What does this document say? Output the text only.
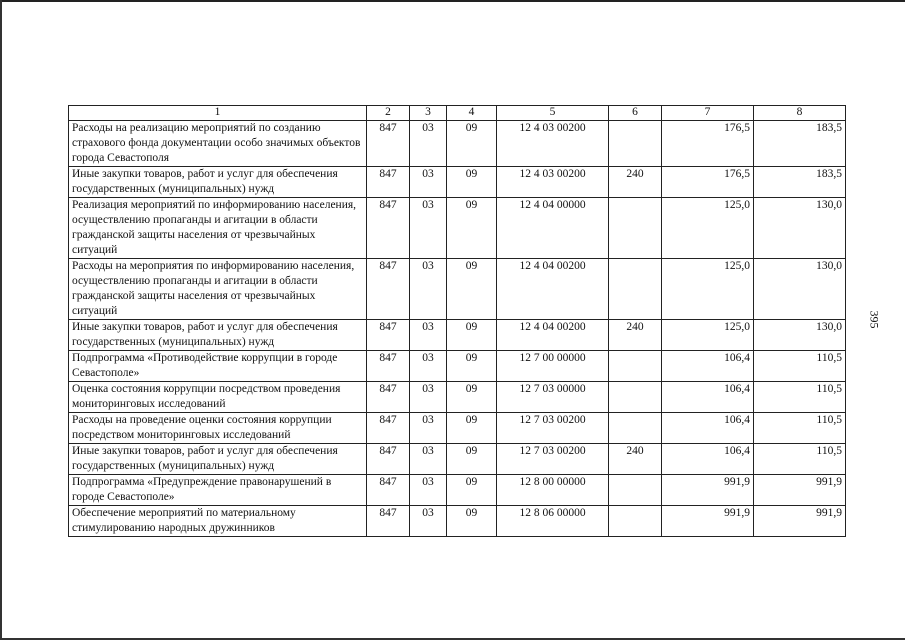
395
1	2	3	4	5	6	7	8
Расходы на реализацию мероприятий по созданию страхового фонда документации особо значимых объектов города Севастополя	847	03	09	12 4 03 00200		176,5	183,5
Иные закупки товаров, работ и услуг для обеспечения государственных (муниципальных) нужд	847	03	09	12 4 03 00200	240	176,5	183,5
Реализация мероприятий по информированию населения, осуществлению пропаганды и агитации в области гражданской защиты населения от чрезвычайных ситуаций	847	03	09	12 4 04 00000		125,0	130,0
Расходы на мероприятия по информированию населения, осуществлению пропаганды и агитации в области гражданской защиты населения от чрезвычайных ситуаций	847	03	09	12 4 04 00200		125,0	130,0
Иные закупки товаров, работ и услуг для обеспечения государственных (муниципальных) нужд	847	03	09	12 4 04 00200	240	125,0	130,0
Подпрограмма «Противодействие коррупции в городе Севастополе»	847	03	09	12 7 00 00000		106,4	110,5
Оценка состояния коррупции посредством проведения мониторинговых исследований	847	03	09	12 7 03 00000		106,4	110,5
Расходы на проведение оценки состояния коррупции посредством мониторинговых исследований	847	03	09	12 7 03 00200		106,4	110,5
Иные закупки товаров, работ и услуг для обеспечения государственных (муниципальных) нужд	847	03	09	12 7 03 00200	240	106,4	110,5
Подпрограмма «Предупреждение правонарушений в городе Севастополе»	847	03	09	12 8 00 00000		991,9	991,9
Обеспечение мероприятий по материальному стимулированию народных дружинников	847	03	09	12 8 06 00000		991,9	991,9
